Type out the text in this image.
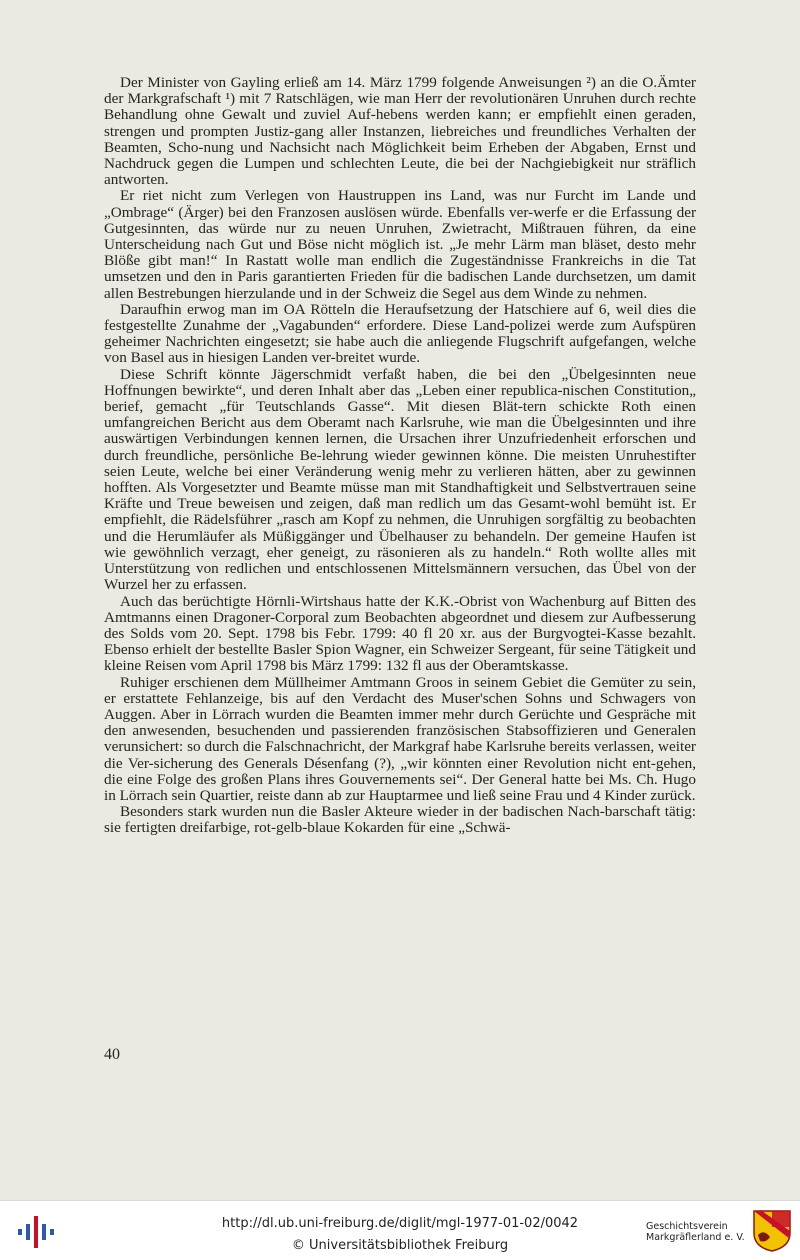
Der Minister von Gayling erließ am 14. März 1799 folgende Anweisungen ²) an die O.Ämter der Markgrafschaft ¹) mit 7 Ratschlägen, wie man Herr der revolutionären Unruhen durch rechte Behandlung ohne Gewalt und zuviel Auf-hebens werden kann; er empfiehlt einen geraden, strengen und prompten Justiz-gang aller Instanzen, liebreiches und freundliches Verhalten der Beamten, Scho-nung und Nachsicht nach Möglichkeit beim Erheben der Abgaben, Ernst und Nachdruck gegen die Lumpen und schlechten Leute, die bei der Nachgiebigkeit nur sträflich antworten.

Er riet nicht zum Verlegen von Haustruppen ins Land, was nur Furcht im Lande und „Ombrage“ (Ärger) bei den Franzosen auslösen würde. Ebenfalls ver-werfe er die Erfassung der Gutgesinnten, das würde nur zu neuen Unruhen, Zwietracht, Mißtrauen führen, da eine Unterscheidung nach Gut und Böse nicht möglich ist. „Je mehr Lärm man bläset, desto mehr Blöße gibt man!“ In Rastatt wolle man endlich die Zugeständnisse Frankreichs in die Tat umsetzen und den in Paris garantierten Frieden für die badischen Lande durchsetzen, um damit allen Bestrebungen hierzulande und in der Schweiz die Segel aus dem Winde zu nehmen.

Daraufhin erwog man im OA Rötteln die Heraufsetzung der Hatschiere auf 6, weil dies die festgestellte Zunahme der „Vagabunden“ erfordere. Diese Land-polizei werde zum Aufspüren geheimer Nachrichten eingesetzt; sie habe auch die anliegende Flugschrift aufgefangen, welche von Basel aus in hiesigen Landen ver-breitet wurde.

Diese Schrift könnte Jägerschmidt verfaßt haben, die bei den „Übelgesinnten neue Hoffnungen bewirkte“, und deren Inhalt aber das „Leben einer republica-nischen Constitution„ berief, gemacht „für Teutschlands Gasse“. Mit diesen Blät-tern schickte Roth einen umfangreichen Bericht aus dem Oberamt nach Karlsruhe, wie man die Übelgesinnten und ihre auswärtigen Verbindungen kennen lernen, die Ursachen ihrer Unzufriedenheit erforschen und durch freundliche, persönliche Be-lehrung wieder gewinnen könne. Die meisten Unruhestifter seien Leute, welche bei einer Veränderung wenig mehr zu verlieren hätten, aber zu gewinnen hofften. Als Vorgesetzter und Beamte müsse man mit Standhaftigkeit und Selbstvertrauen seine Kräfte und Treue beweisen und zeigen, daß man redlich um das Gesamt-wohl bemüht ist. Er empfiehlt, die Rädelsführer „rasch am Kopf zu nehmen, die Unruhigen sorgfältig zu beobachten und die Herumläufer als Müßiggänger und Übelhauser zu behandeln. Der gemeine Haufen ist wie gewöhnlich verzagt, eher geneigt, zu räsonieren als zu handeln.“ Roth wollte alles mit Unterstützung von redlichen und entschlossenen Mittelsmännern versuchen, das Übel von der Wurzel her zu erfassen.

Auch das berüchtigte Hörnli-Wirtshaus hatte der K.K.-Obrist von Wachenburg auf Bitten des Amtmanns einen Dragoner-Corporal zum Beobachten abgeordnet und diesem zur Aufbesserung des Solds vom 20. Sept. 1798 bis Febr. 1799: 40 fl 20 xr. aus der Burgvogtei-Kasse bezahlt. Ebenso erhielt der bestellte Basler Spion Wagner, ein Schweizer Sergeant, für seine Tätigkeit und kleine Reisen vom April 1798 bis März 1799: 132 fl aus der Oberamtskasse.

Ruhiger erschienen dem Müllheimer Amtmann Groos in seinem Gebiet die Gemüter zu sein, er erstattete Fehlanzeige, bis auf den Verdacht des Muser'schen Sohns und Schwagers von Auggen. Aber in Lörrach wurden die Beamten immer mehr durch Gerüchte und Gespräche mit den anwesenden, besuchenden und passierenden französischen Stabsoffizieren und Generalen verunsichert: so durch die Falschnachricht, der Markgraf habe Karlsruhe bereits verlassen, weiter die Ver-sicherung des Generals Désenfang (?), „wir könnten einer Revolution nicht ent-gehen, die eine Folge des großen Plans ihres Gouvernements sei“. Der General hatte bei Ms. Ch. Hugo in Lörrach sein Quartier, reiste dann ab zur Hauptarmee und ließ seine Frau und 4 Kinder zurück.

Besonders stark wurden nun die Basler Akteure wieder in der badischen Nach-barschaft tätig: sie fertigten dreifarbige, rot-gelb-blaue Kokarden für eine „Schwä-

40
http://dl.ub.uni-freiburg.de/diglit/mgl-1977-01-02/0042
© Universitätsbibliothek Freiburg
Geschichtsverein
Markgräflerland e. V.
